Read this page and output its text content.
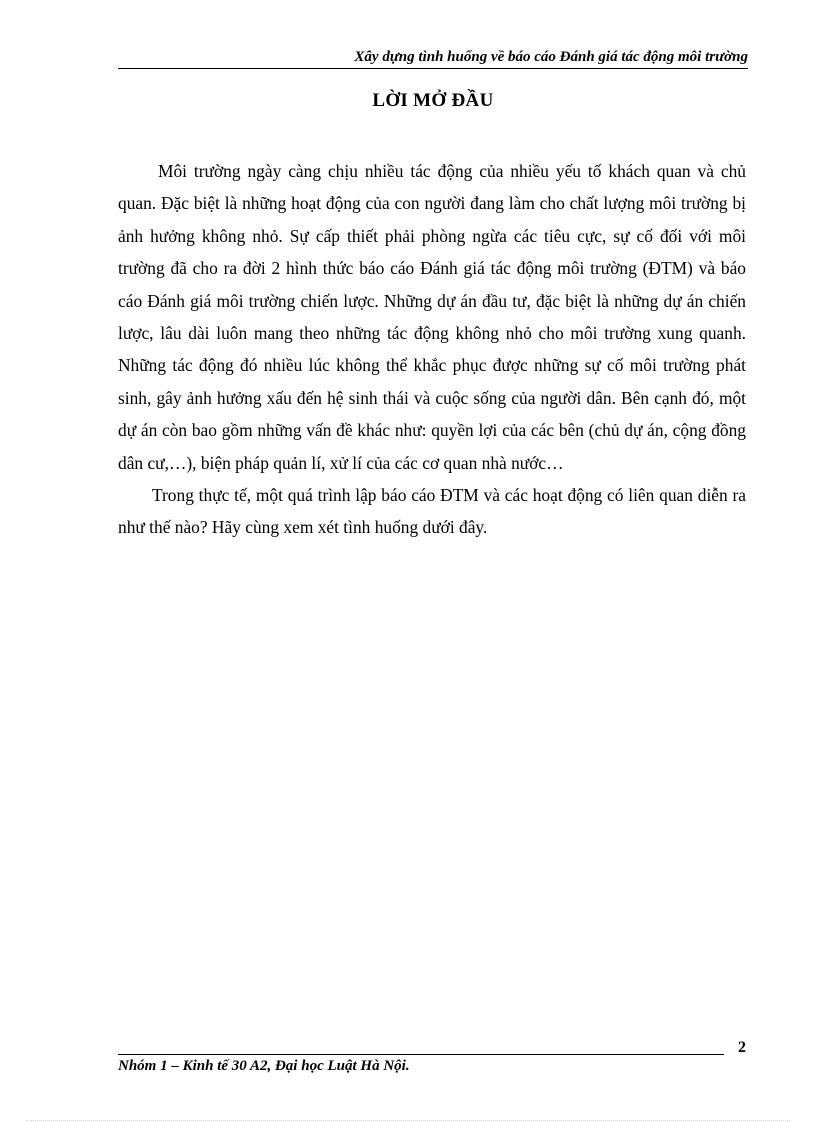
Xây dựng tình huống về báo cáo Đánh giá tác động môi trường
LỜI MỞ ĐẦU

Môi trường ngày càng chịu nhiều tác động của nhiều yếu tố khách quan và chủ quan. Đặc biệt là những hoạt động của con người đang làm cho chất lượng môi trường bị ảnh hưởng không nhỏ. Sự cấp thiết phải phòng ngừa các tiêu cực, sự cố đối với môi trường đã cho ra đời 2 hình thức báo cáo Đánh giá tác động môi trường (ĐTM) và báo cáo Đánh giá môi trường chiến lược. Những dự án đầu tư, đặc biệt là những dự án chiến lược, lâu dài luôn mang theo những tác động không nhỏ cho môi trường xung quanh. Những tác động đó nhiều lúc không thể khắc phục được những sự cố môi trường phát sinh, gây ảnh hưởng xấu đến hệ sinh thái và cuộc sống của người dân. Bên cạnh đó, một dự án còn bao gồm những vấn đề khác như: quyền lợi của các bên (chủ dự án, cộng đồng dân cư,…), biện pháp quản lí, xử lí của các cơ quan nhà nước…

Trong thực tế, một quá trình lập báo cáo ĐTM và các hoạt động có liên quan diễn ra như thế nào? Hãy cùng xem xét tình huống dưới đây.

2
Nhóm 1 – Kinh tế 30 A2, Đại học Luật Hà Nội.
